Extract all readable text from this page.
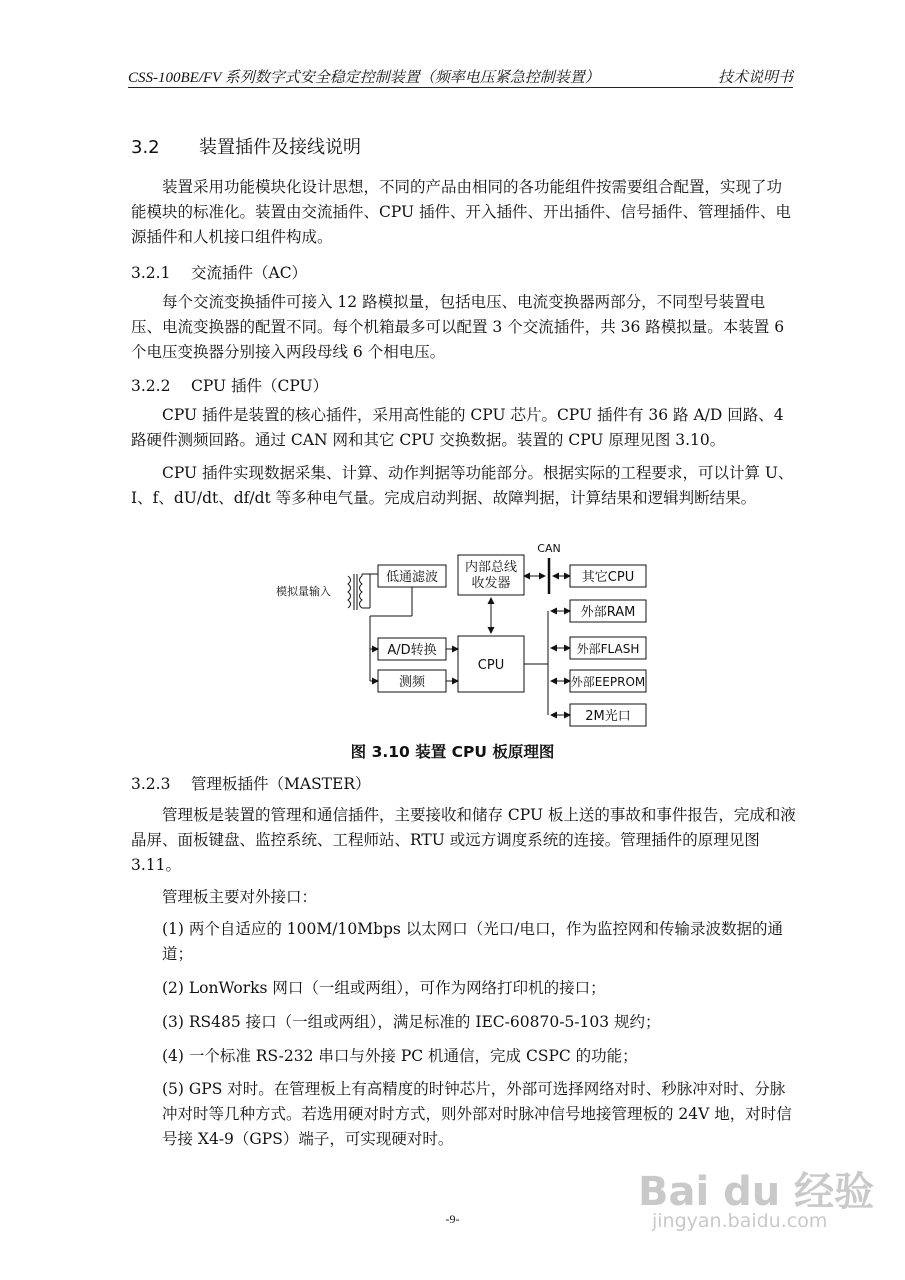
CSS-100BE/FV 系列数字式安全稳定控制装置（频率电压紧急控制装置）	技术说明书
3.2 装置插件及接线说明
装置采用功能模块化设计思想，不同的产品由相同的各功能组件按需要组合配置，实现了功能模块的标准化。装置由交流插件、CPU 插件、开入插件、开出插件、信号插件、管理插件、电源插件和人机接口组件构成。
3.2.1 交流插件（AC）
每个交流变换插件可接入 12 路模拟量，包括电压、电流变换器两部分，不同型号装置电压、电流变换器的配置不同。每个机箱最多可以配置 3 个交流插件，共 36 路模拟量。本装置 6 个电压变换器分别接入两段母线 6 个相电压。
3.2.2 CPU 插件（CPU）
CPU 插件是装置的核心插件，采用高性能的 CPU 芯片。CPU 插件有 36 路 A/D 回路、4 路硬件测频回路。通过 CAN 网和其它 CPU 交换数据。装置的 CPU 原理见图 3.10。
CPU 插件实现数据采集、计算、动作判据等功能部分。根据实际的工程要求，可以计算 U、I、f、dU/dt、df/dt 等多种电气量。完成启动判据、故障判据，计算结果和逻辑判断结果。
模拟量输入
低通滤波
A/D转换
测频
CPU
内部总线
收发器
CAN
其它CPU
外部RAM
外部FLASH
外部EEPROM
2M光口
图 3.10 装置 CPU 板原理图
3.2.3 管理板插件（MASTER）
管理板是装置的管理和通信插件，主要接收和储存 CPU 板上送的事故和事件报告，完成和液晶屏、面板键盘、监控系统、工程师站、RTU 或远方调度系统的连接。管理插件的原理见图 3.11。
管理板主要对外接口：
(1) 两个自适应的 100M/10Mbps 以太网口（光口/电口，作为监控网和传输录波数据的通道；
(2) LonWorks 网口（一组或两组），可作为网络打印机的接口；
(3) RS485 接口（一组或两组），满足标准的 IEC-60870-5-103 规约；
(4) 一个标准 RS-232 串口与外接 PC 机通信，完成 CSPC 的功能；
(5) GPS 对时。在管理板上有高精度的时钟芯片，外部可选择网络对时、秒脉冲对时、分脉冲对时等几种方式。若选用硬对时方式，则外部对时脉冲信号地接管理板的 24V 地，对时信号接 X4-9（GPS）端子，可实现硬对时。
Bai du 经验
jingyan.baidu.com
-9-
